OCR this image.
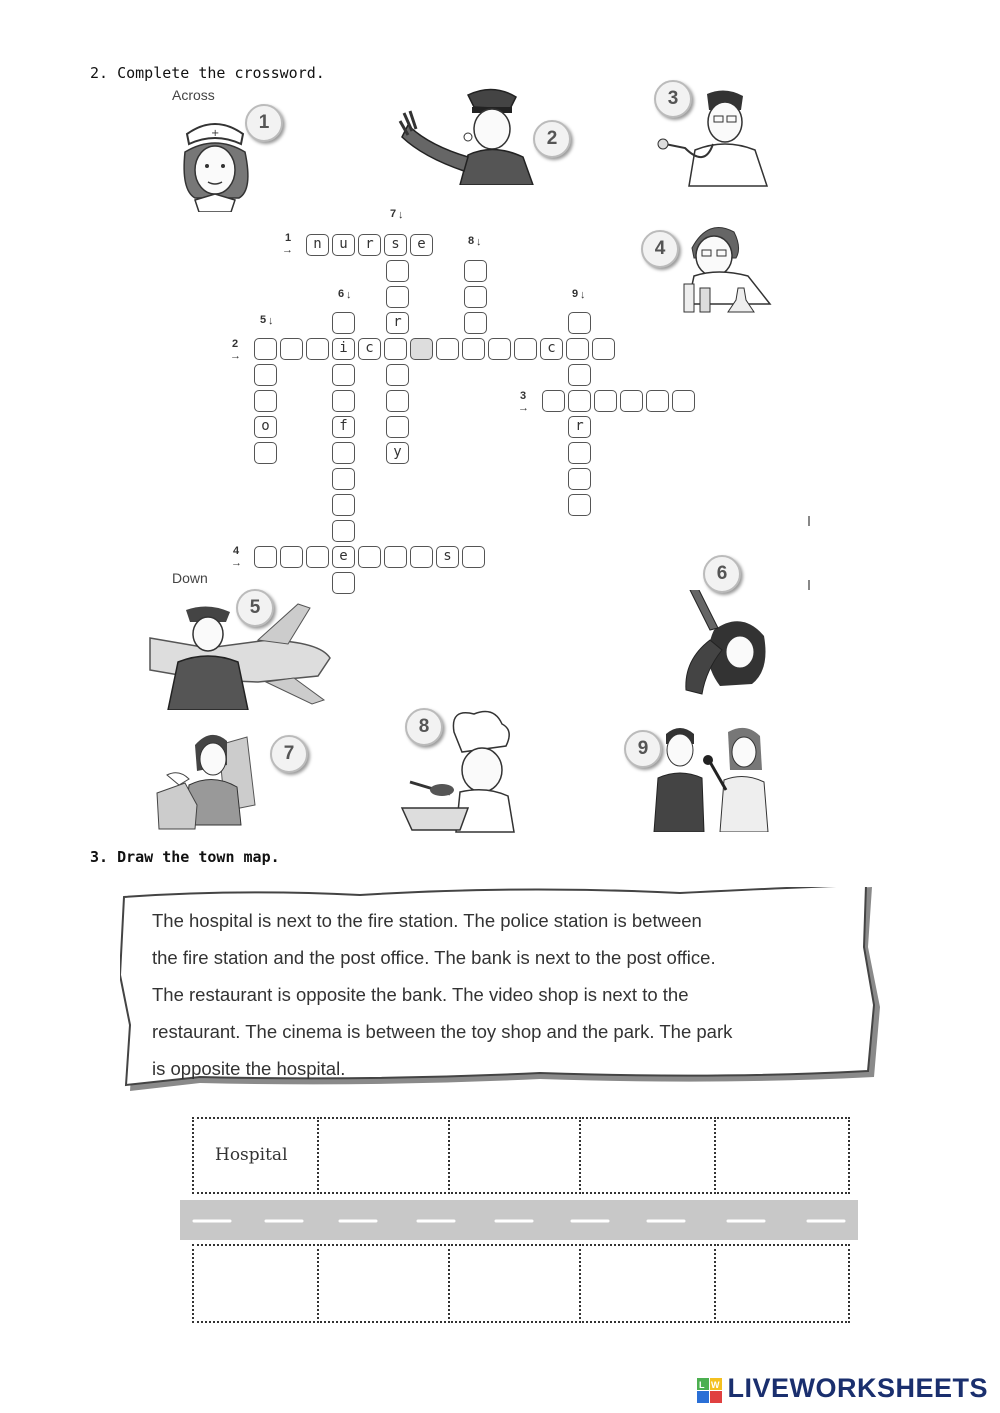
2. Complete the crossword.
Across
Down
+
1
2
3
4
5
6
7
8
9
1
→
2
→
3
→
4
→
5 ↓
6 ↓
7 ↓
8 ↓
9 ↓
n	u	r	s	e
r
y
i	c	c
o	f	r
e	s
3. Draw the town map.
The hospital is next to the fire station. The police station is between
the fire station and the post office. The bank is next to the post office.
The restaurant is opposite the bank. The video shop is next to the
restaurant. The cinema is between the toy shop and the park. The park
is opposite the hospital.
Hospital
L W LIVEWORKSHEETS
